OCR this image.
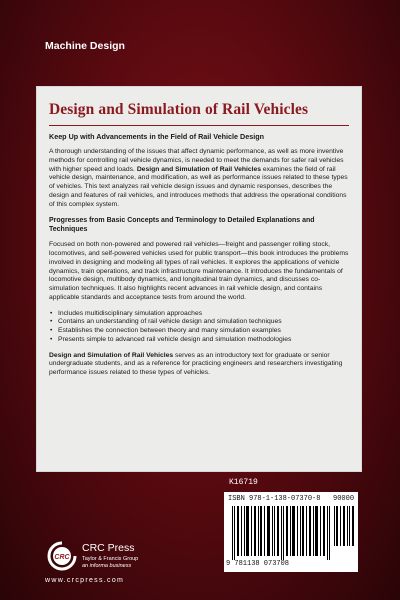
Machine Design
Design and Simulation of Rail Vehicles
Keep Up with Advancements in the Field of Rail Vehicle Design

A thorough understanding of the issues that affect dynamic performance, as well as more inventive methods for controlling rail vehicle dynamics, is needed to meet the demands for safer rail vehicles with higher speed and loads. Design and Simulation of Rail Vehicles examines the field of rail vehicle design, maintenance, and modification, as well as performance issues related to these types of vehicles. This text analyzes rail vehicle design issues and dynamic responses, describes the design and features of rail vehicles, and introduces methods that address the operational conditions of this complex system.

Progresses from Basic Concepts and Terminology to Detailed Explanations and Techniques

Focused on both non-powered and powered rail vehicles—freight and passenger rolling stock, locomotives, and self-powered vehicles used for public transport—this book introduces the problems involved in designing and modeling all types of rail vehicles. It explores the applications of vehicle dynamics, train operations, and track infrastructure maintenance. It introduces the fundamentals of locomotive design, multibody dynamics, and longitudinal train dynamics, and discusses co-simulation techniques. It also highlights recent advances in rail vehicle design, and contains applicable standards and acceptance tests from around the world.

• Includes multidisciplinary simulation approaches
• Contains an understanding of rail vehicle design and simulation techniques
• Establishes the connection between theory and many simulation examples
• Presents simple to advanced rail vehicle design and simulation methodologies

Design and Simulation of Rail Vehicles serves as an introductory text for graduate or senior undergraduate students, and as a reference for practicing engineers and researchers investigating performance issues related to these types of vehicles.

K16719
ISBN 978-1-138-07370-8 90000
9 781138 073708
CRC
CRC Press
Taylor & Francis Group
an informa business
www.crcpress.com
